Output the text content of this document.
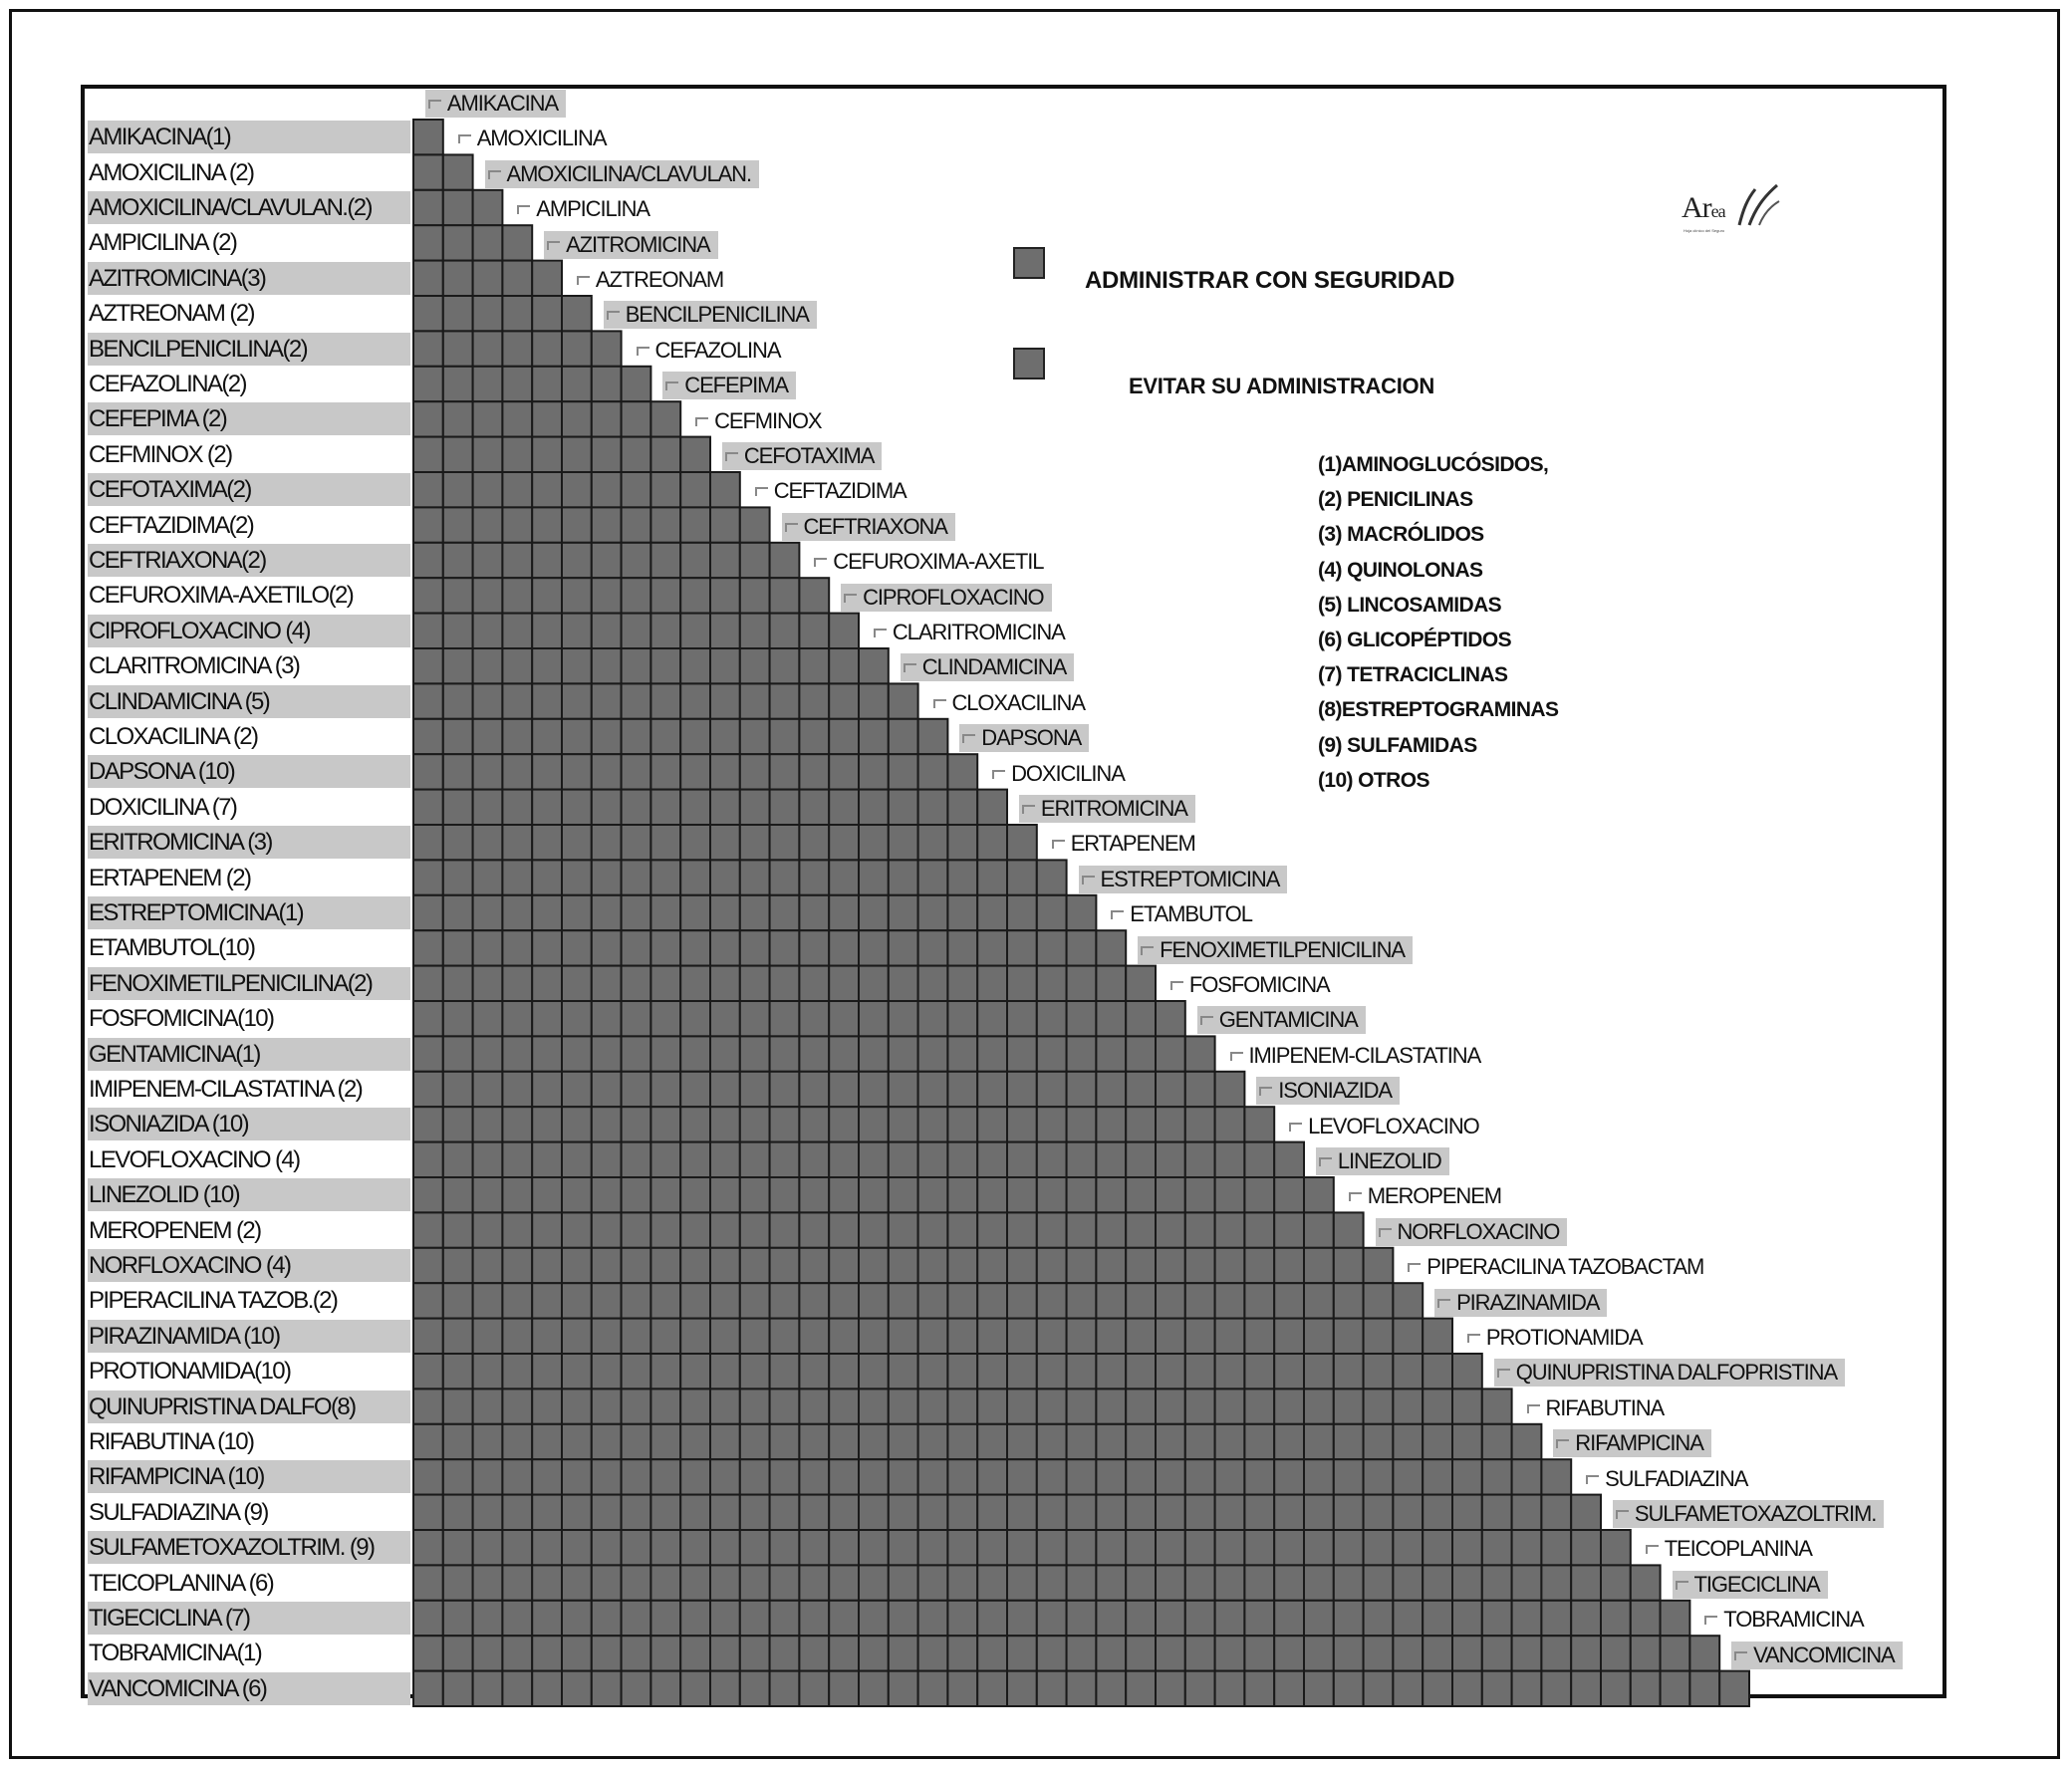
AMIKACINA(1)
AMOXICILINA (2)
AMOXICILINA/CLAVULAN.(2)
AMPICILINA (2)
AZITROMICINA(3)
AZTREONAM (2)
BENCILPENICILINA(2)
CEFAZOLINA(2)
CEFEPIMA (2)
CEFMINOX (2)
CEFOTAXIMA(2)
CEFTAZIDIMA(2)
CEFTRIAXONA(2)
CEFUROXIMA-AXETILO(2)
CIPROFLOXACINO (4)
CLARITROMICINA (3)
CLINDAMICINA (5)
CLOXACILINA (2)
DAPSONA (10)
DOXICILINA (7)
ERITROMICINA (3)
ERTAPENEM (2)
ESTREPTOMICINA(1)
ETAMBUTOL(10)
FENOXIMETILPENICILINA(2)
FOSFOMICINA(10)
GENTAMICINA(1)
IMIPENEM-CILASTATINA (2)
ISONIAZIDA (10)
LEVOFLOXACINO (4)
LINEZOLID (10)
MEROPENEM (2)
NORFLOXACINO (4)
PIPERACILINA TAZOB.(2)
PIRAZINAMIDA (10)
PROTIONAMIDA(10)
QUINUPRISTINA DALFO(8)
RIFABUTINA (10)
RIFAMPICINA (10)
SULFADIAZINA (9)
SULFAMETOXAZOLTRIM. (9)
TEICOPLANINA (6)
TIGECICLINA (7)
TOBRAMICINA(1)
VANCOMICINA (6)
AMIKACINA
AMOXICILINA
AMOXICILINA/CLAVULAN.
AMPICILINA
AZITROMICINA
AZTREONAM
BENCILPENICILINA
CEFAZOLINA
CEFEPIMA
CEFMINOX
CEFOTAXIMA
CEFTAZIDIMA
CEFTRIAXONA
CEFUROXIMA-AXETIL
CIPROFLOXACINO
CLARITROMICINA
CLINDAMICINA
CLOXACILINA
DAPSONA
DOXICILINA
ERITROMICINA
ERTAPENEM
ESTREPTOMICINA
ETAMBUTOL
FENOXIMETILPENICILINA
FOSFOMICINA
GENTAMICINA
IMIPENEM-CILASTATINA
ISONIAZIDA
LEVOFLOXACINO
LINEZOLID
MEROPENEM
NORFLOXACINO
PIPERACILINA TAZOBACTAM
PIRAZINAMIDA
PROTIONAMIDA
QUINUPRISTINA DALFOPRISTINA
RIFABUTINA
RIFAMPICINA
SULFADIAZINA
SULFAMETOXAZOLTRIM.
TEICOPLANINA
TIGECICLINA
TOBRAMICINA
VANCOMICINA
ADMINISTRAR CON SEGURIDAD
EVITAR SU ADMINISTRACION
(1)AMINOGLUCÓSIDOS,
(2) PENICILINAS
(3) MACRÓLIDOS
(4) QUINOLONAS
(5) LINCOSAMIDAS
(6) GLICOPÉPTIDOS
(7) TETRACICLINAS
(8)ESTREPTOGRAMINAS
(9) SULFAMIDAS
(10) OTROS
Area
Hoja clínico del Seguro
